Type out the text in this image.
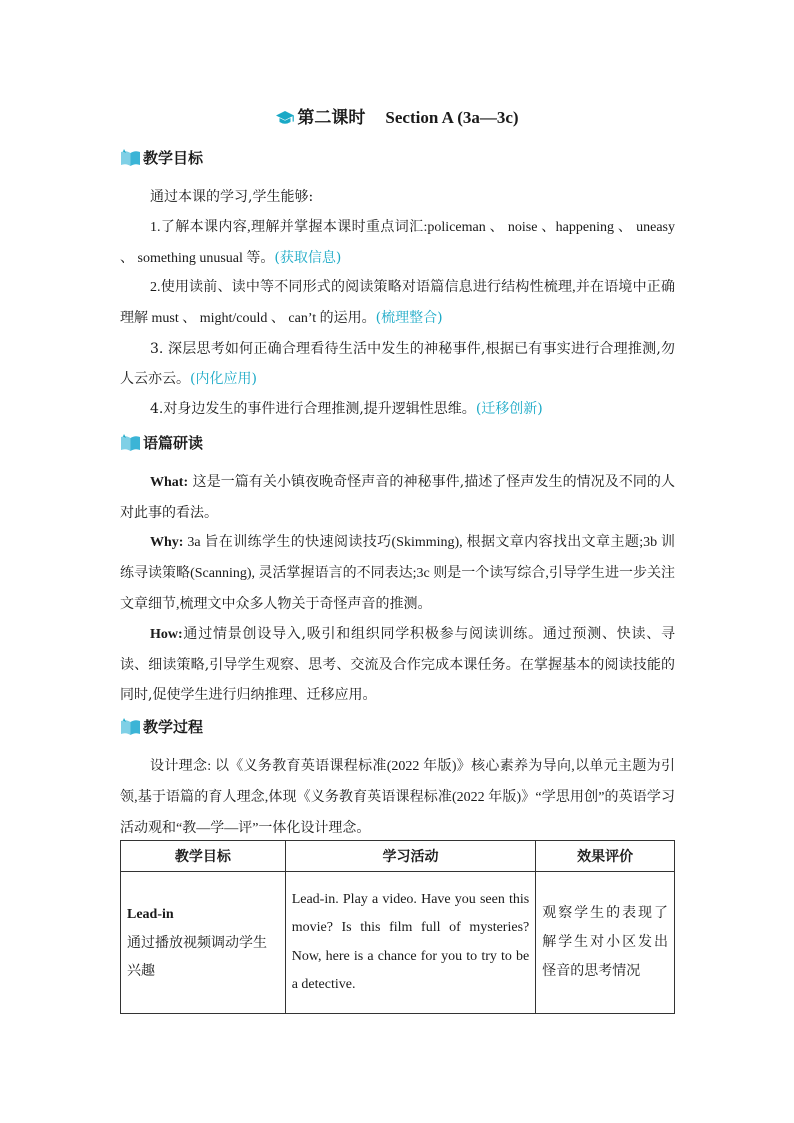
第二课时 Section A (3a—3c)
教学目标
通过本课的学习,学生能够:
1.了解本课内容,理解并掌握本课时重点词汇:policeman 、 noise 、happening 、 uneasy 、 something unusual 等。(获取信息)
2.使用读前、读中等不同形式的阅读策略对语篇信息进行结构性梳理,并在语境中正确理解 must 、 might/could 、 can’t 的运用。(梳理整合)
3. 深层思考如何正确合理看待生活中发生的神秘事件,根据已有事实进行合理推测,勿人云亦云。(内化应用)
4.对身边发生的事件进行合理推测,提升逻辑性思维。(迁移创新)
语篇研读
What: 这是一篇有关小镇夜晚奇怪声音的神秘事件,描述了怪声发生的情况及不同的人对此事的看法。
Why: 3a 旨在训练学生的快速阅读技巧(Skimming), 根据文章内容找出文章主题;3b 训练寻读策略(Scanning), 灵活掌握语言的不同表达;3c 则是一个读写综合,引导学生进一步关注文章细节,梳理文中众多人物关于奇怪声音的推测。
How:通过情景创设导入,吸引和组织同学积极参与阅读训练。通过预测、快读、寻读、细读策略,引导学生观察、思考、交流及合作完成本课任务。在掌握基本的阅读技能的同时,促使学生进行归纳推理、迁移应用。
教学过程
设计理念: 以《义务教育英语课程标准(2022 年版)》核心素养为导向,以单元主题为引领,基于语篇的育人理念,体现《义务教育英语课程标准(2022 年版)》“学思用创”的英语学习活动观和“教—学—评”一体化设计理念。
教学目标	学习活动	效果评价

Lead-in
通过播放视频调动学生兴趣	Lead-in. Play a video. Have you seen this movie? Is this film full of mysteries? Now, here is a chance for you to try to be a detective.	观察学生的表现了解学生对小区发出怪音的思考情况
